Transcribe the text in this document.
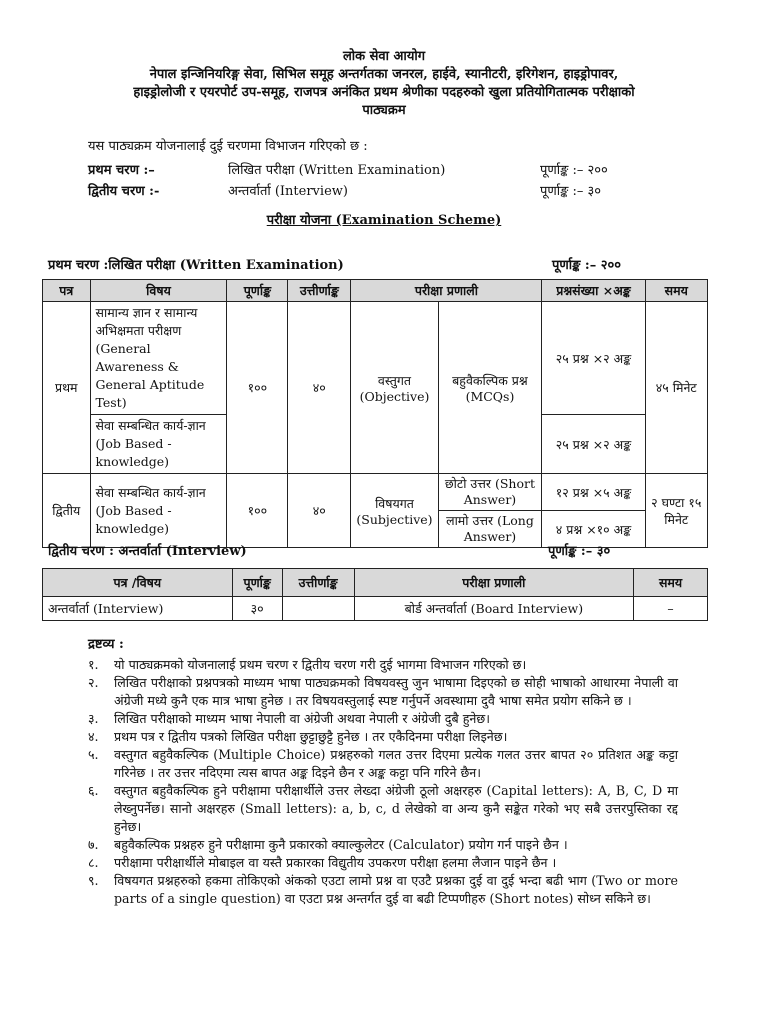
लोक सेवा आयोग
नेपाल इन्जिनियरिङ्ग सेवा, सिभिल समूह अन्तर्गतका जनरल, हाईवे, स्यानीटरी, इरिगेशन, हाइड्रोपावर,
हाइड्रोलोजी र एयरपोर्ट उप-समूह, राजपत्र अनंकित प्रथम श्रेणीका पदहरुको खुला प्रतियोगितात्मक परीक्षाको
पाठ्यक्रम
यस पाठ्यक्रम योजनालाई दुई चरणमा विभाजन गरिएको छ :
प्रथम चरण :–	लिखित परीक्षा (Written Examination)	पूर्णाङ्क :– २००
द्वितीय चरण :-	अन्तर्वार्ता (Interview)	पूर्णाङ्क :– ३०
परीक्षा योजना (Examination Scheme)
प्रथम चरण :लिखित परीक्षा (Written Examination)	पूर्णाङ्क :– २००
पत्र	विषय	पूर्णाङ्क	उत्तीर्णाङ्क	परीक्षा प्रणाली		प्रश्नसंख्या ×अङ्क	समय
प्रथम	सामान्य ज्ञान र सामान्य अभिक्षमता परीक्षण (General Awareness & General Aptitude Test)	१००	४०	वस्तुगत (Objective)	बहुवैकल्पिक प्रश्न (MCQs)	२५ प्रश्न ×२ अङ्क	४५ मिनेट
	सेवा सम्बन्धित कार्य-ज्ञान (Job Based - knowledge)					२५ प्रश्न ×२ अङ्क	
द्वितीय	सेवा सम्बन्धित कार्य-ज्ञान (Job Based - knowledge)	१००	४०	विषयगत (Subjective)	छोटो उत्तर (Short Answer)	१२ प्रश्न ×५ अङ्क	२ घण्टा १५ मिनेट
					लामो उत्तर (Long Answer)	४ प्रश्न ×१० अङ्क	
द्वितीय चरण : अन्तर्वार्ता (Interview)	पूर्णाङ्क :– ३०
पत्र /विषय	पूर्णाङ्क	उत्तीर्णाङ्क	परीक्षा प्रणाली	समय
अन्तर्वार्ता (Interview)	३०		बोर्ड अन्तर्वार्ता (Board Interview)	–
द्रष्टव्य :
१.	यो पाठ्यक्रमको योजनालाई प्रथम चरण र द्वितीय चरण गरी दुई भागमा विभाजन गरिएको छ।
२.	लिखित परीक्षाको प्रश्नपत्रको माध्यम भाषा पाठ्यक्रमको विषयवस्तु जुन भाषामा दिइएको छ सोही भाषाको आधारमा नेपाली वा अंग्रेजी मध्ये कुनै एक मात्र भाषा हुनेछ । तर विषयवस्तुलाई स्पष्ट गर्नुपर्ने अवस्थामा दुवै भाषा समेत प्रयोग सकिने छ ।
३.	लिखित परीक्षाको माध्यम भाषा नेपाली वा अंग्रेजी अथवा नेपाली र अंग्रेजी दुबै हुनेछ।
४.	प्रथम पत्र र द्वितीय पत्रको लिखित परीक्षा छुट्टाछुट्टै हुनेछ । तर एकैदिनमा परीक्षा लिइनेछ।
५.	वस्तुगत बहुवैकल्पिक (Multiple Choice) प्रश्नहरुको गलत उत्तर दिएमा प्रत्येक गलत उत्तर बापत २० प्रतिशत अङ्क कट्टा गरिनेछ । तर उत्तर नदिएमा त्यस बापत अङ्क दिइने छैन र अङ्क कट्टा पनि गरिने छैन।
६.	वस्तुगत बहुवैकल्पिक हुने परीक्षामा परीक्षार्थीले उत्तर लेख्दा अंग्रेजी ठूलो अक्षरहरु (Capital letters): A, B, C, D मा लेख्नुपर्नेछ। सानो अक्षरहरु (Small letters): a, b, c, d लेखेको वा अन्य कुनै सङ्केत गरेको भए सबै उत्तरपुस्तिका रद्द हुनेछ।
७.	बहुवैकल्पिक प्रश्नहरु हुने परीक्षामा कुनै प्रकारको क्याल्कुलेटर (Calculator) प्रयोग गर्न पाइने छैन ।
८.	परीक्षामा परीक्षार्थीले मोबाइल वा यस्तै प्रकारका विद्युतीय उपकरण परीक्षा हलमा लैजान पाइने छैन ।
९.	विषयगत प्रश्नहरुको हकमा तोकिएको अंकको एउटा लामो प्रश्न वा एउटै प्रश्नका दुई वा दुई भन्दा बढी भाग (Two or more parts of a single question) वा एउटा प्रश्न अन्तर्गत दुई वा बढी टिप्पणीहरु (Short notes) सोध्न सकिने छ।
